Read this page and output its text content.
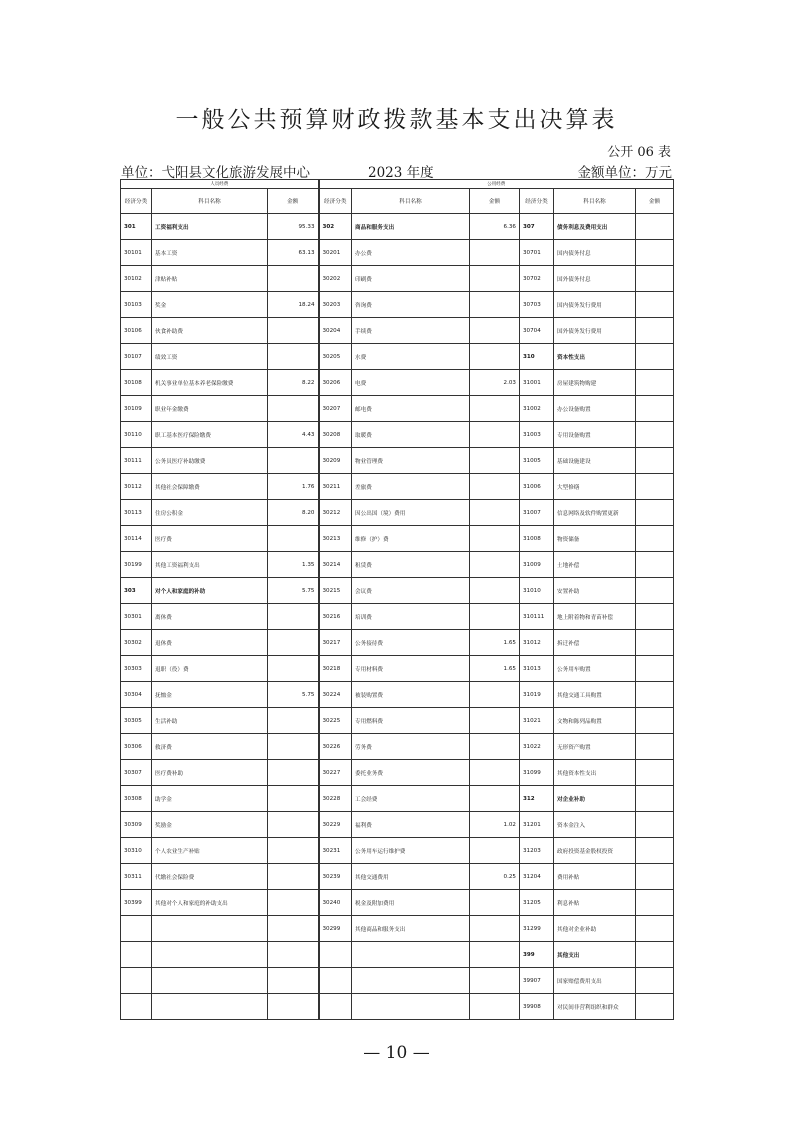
一般公共预算财政拨款基本支出决算表
公开 06 表
单位：弋阳县文化旅游发展中心	2023 年度	金额单位：万元
人员经费			公用经费					
经济分类	科目名称	金额	经济分类	科目名称	金额	经济分类	科目名称	金额
301	工资福利支出	95.33	302	商品和服务支出	6.36	307	债务利息及费用支出	
30101	基本工资	63.13	30201	办公费		30701	国内债务付息	
30102	津贴补贴		30202	印刷费		30702	国外债务付息	
30103	奖金	18.24	30203	咨询费		30703	国内债务发行费用	
30106	伙食补助费		30204	手续费		30704	国外债务发行费用	
30107	绩效工资		30205	水费		310	资本性支出	
30108	机关事业单位基本养老保险缴费	8.22	30206	电费	2.03	31001	房屋建筑物购建	
30109	职业年金缴费		30207	邮电费		31002	办公设备购置	
30110	职工基本医疗保险缴费	4.43	30208	取暖费		31003	专用设备购置	
30111	公务员医疗补助缴费		30209	物业管理费		31005	基础设施建设	
30112	其他社会保障缴费	1.76	30211	差旅费		31006	大型修缮	
30113	住房公积金	8.20	30212	因公出国（境）费用		31007	信息网络及软件购置更新	
30114	医疗费		30213	维修（护）费		31008	物资储备	
30199	其他工资福利支出	1.35	30214	租赁费		31009	土地补偿	
303	对个人和家庭的补助	5.75	30215	会议费		31010	安置补助	
30301	离休费		30216	培训费		310111	地上附着物和青苗补偿	
30302	退休费		30217	公务接待费	1.65	31012	拆迁补偿	
30303	退职（役）费		30218	专用材料费	1.65	31013	公务用车购置	
30304	抚恤金	5.75	30224	被装购置费		31019	其他交通工具购置	
30305	生活补助		30225	专用燃料费		31021	文物和陈列品购置	
30306	救济费		30226	劳务费		31022	无形资产购置	
30307	医疗费补助		30227	委托业务费		31099	其他资本性支出	
30308	助学金		30228	工会经费		312	对企业补助	
30309	奖励金		30229	福利费	1.02	31201	资本金注入	
30310	个人农业生产补贴		30231	公务用车运行维护费		31203	政府投资基金股权投资	
30311	代缴社会保险费		30239	其他交通费用	0.25	31204	费用补贴	
30399	其他对个人和家庭的补助支出		30240	税金及附加费用		31205	利息补贴	
			30299	其他商品和服务支出		31299	其他对企业补助	
						399	其他支出	
						39907	国家赔偿费用支出	
						39908	对民间非营利组织和群众	
— 10 —
